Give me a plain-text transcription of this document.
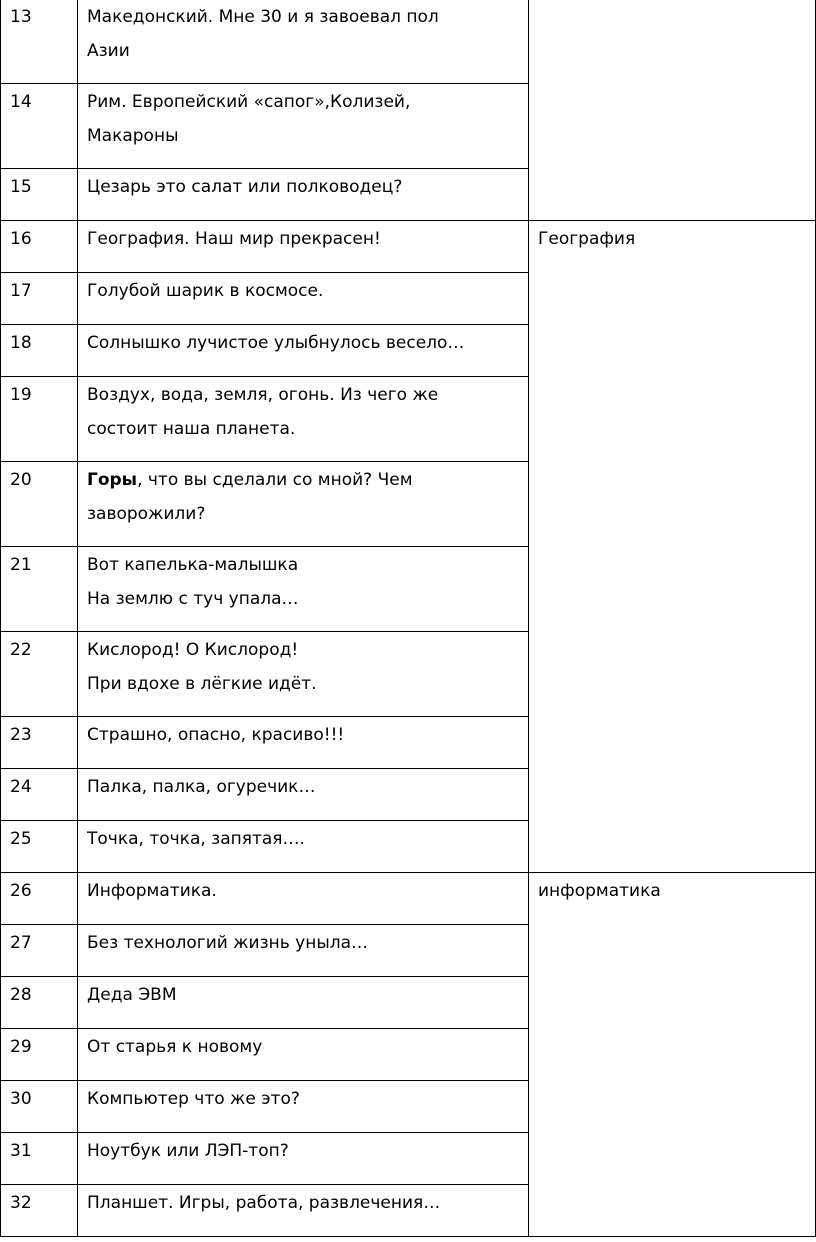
13	Македонский. Мне 30 и я завоевал пол
Азии	
14	Рим. Европейский «сапог»,Колизей,
Макароны	
15	Цезарь это салат или полководец?	
16	География. Наш мир прекрасен!	География
17	Голубой шарик в космосе.	
18	Солнышко лучистое улыбнулось весело…	
19	Воздух, вода, земля, огонь. Из чего же
состоит наша планета.	
20	Горы, что вы сделали со мной? Чем
заворожили?	
21	Вот капелька-малышка
На землю с туч упала…	
22	Кислород! О Кислород!
При вдохе в лёгкие идёт.	
23	Страшно, опасно, красиво!!!	
24	Палка, палка, огуречик…	
25	Точка, точка, запятая….	
26	Информатика.	информатика
27	Без технологий жизнь уныла…	
28	Деда ЭВМ	
29	От старья к новому	
30	Компьютер что же это?	
31	Ноутбук или ЛЭП-топ?	
32	Планшет. Игры, работа, развлечения…	
